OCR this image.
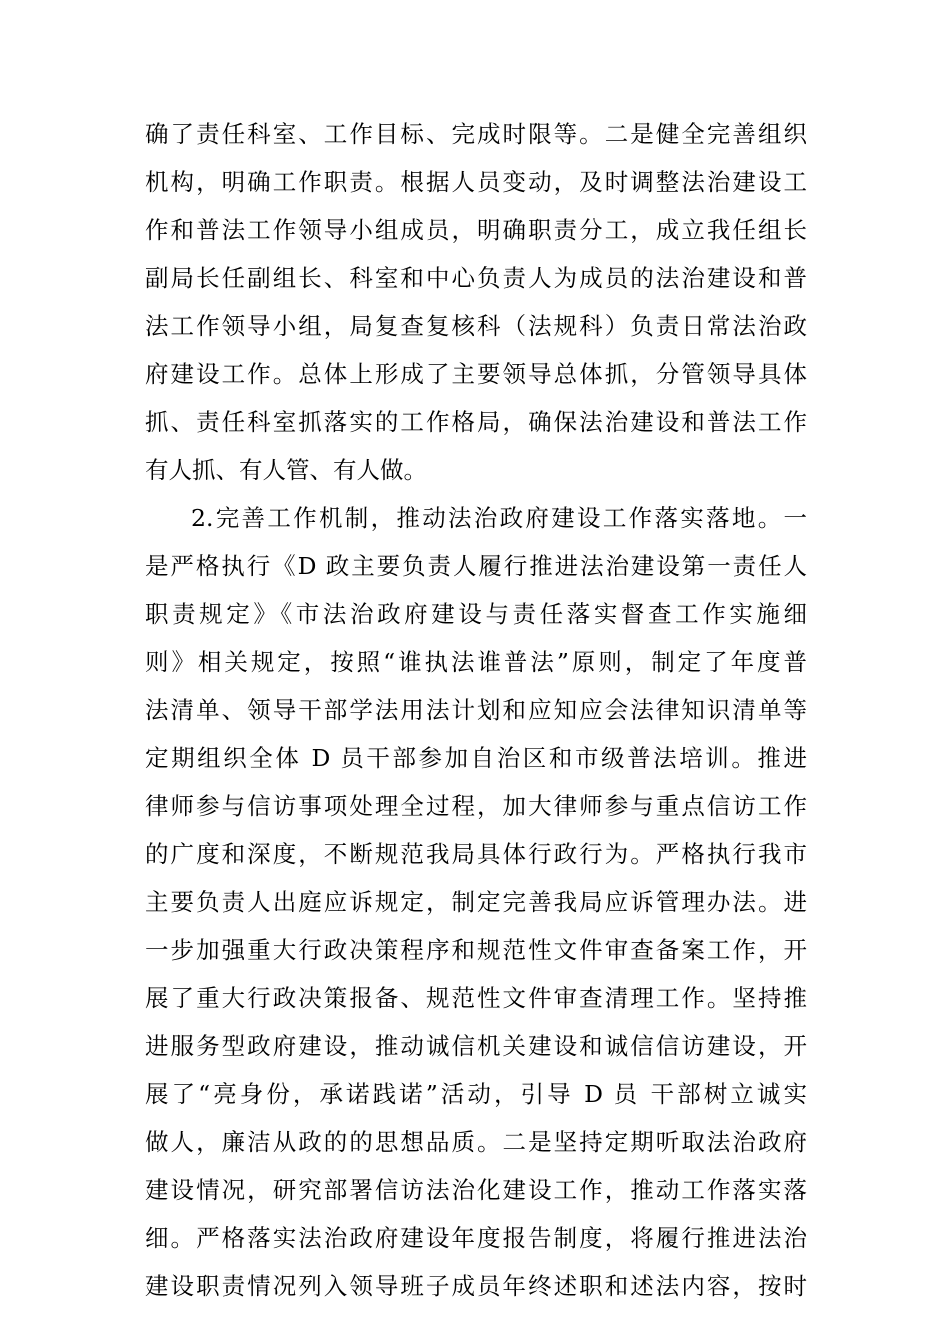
确了责任科室、工作目标、完成时限等。二是健全完善组织
机构，明确工作职责。根据人员变动，及时调整法治建设工
作和普法工作领导小组成员，明确职责分工，成立我任组长
副局长任副组长、科室和中心负责人为成员的法治建设和普
法工作领导小组，局复查复核科（法规科）负责日常法治政
府建设工作。总体上形成了主要领导总体抓，分管领导具体
抓、责任科室抓落实的工作格局，确保法治建设和普法工作
有人抓、有人管、有人做。
2.完善工作机制，推动法治政府建设工作落实落地。一
是严格执行《D 政主要负责人履行推进法治建设第一责任人
职责规定》《市法治政府建设与责任落实督查工作实施细
则》相关规定，按照“谁执法谁普法”原则，制定了年度普
法清单、领导干部学法用法计划和应知应会法律知识清单等
定期组织全体 D 员干部参加自治区和市级普法培训。推进
律师参与信访事项处理全过程，加大律师参与重点信访工作
的广度和深度，不断规范我局具体行政行为。严格执行我市
主要负责人出庭应诉规定，制定完善我局应诉管理办法。进
一步加强重大行政决策程序和规范性文件审查备案工作，开
展了重大行政决策报备、规范性文件审查清理工作。坚持推
进服务型政府建设，推动诚信机关建设和诚信信访建设，开
展了“亮身份，承诺践诺”活动，引导 D 员 干部树立诚实
做人，廉洁从政的的思想品质。二是坚持定期听取法治政府
建设情况，研究部署信访法治化建设工作，推动工作落实落
细。严格落实法治政府建设年度报告制度，将履行推进法治
建设职责情况列入领导班子成员年终述职和述法内容，按时
